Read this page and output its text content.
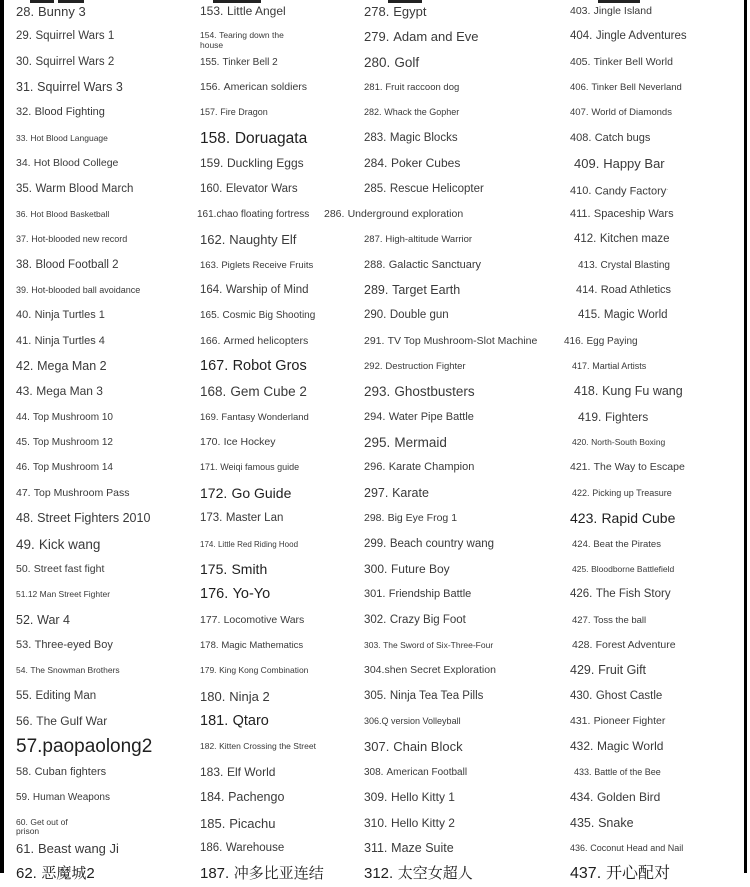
28. Bunny 3
29. Squirrel Wars 1
30. Squirrel Wars 2
31. Squirrel Wars 3
32. Blood Fighting
33. Hot Blood Language
34. Hot Blood College
35. Warm Blood March
36. Hot Blood Basketball
37. Hot-blooded new record
38. Blood Football 2
39. Hot-blooded ball avoidance
40. Ninja Turtles 1
41. Ninja Turtles 4
42. Mega Man 2
43. Mega Man 3
44. Top Mushroom 10
45. Top Mushroom 12
46. Top Mushroom 14
47. Top Mushroom Pass
48. Street Fighters 2010
49. Kick wang
50. Street fast fight
51.12 Man Street Fighter
52. War 4
53. Three-eyed Boy
54. The Snowman Brothers
55. Editing Man
56. The Gulf War
57.paopaolong2
58. Cuban fighters
59. Human Weapons
60. Get out of
prison
61. Beast wang Ji
62. 恶魔城2
153. Little Angel
154. Tearing down the
house
155. Tinker Bell 2
156. American soldiers
157. Fire Dragon
158. Doruagata
159. Duckling Eggs
160. Elevator Wars
161.chao floating fortress
162. Naughty Elf
163. Piglets Receive Fruits
164. Warship of Mind
165. Cosmic Big Shooting
166. Armed helicopters
167. Robot Gros
168. Gem Cube 2
169. Fantasy Wonderland
170. Ice Hockey
171. Weiqi famous guide
172. Go Guide
173. Master Lan
174. Little Red Riding Hood
175. Smith
176. Yo-Yo
177. Locomotive Wars
178. Magic Mathematics
179. King Kong Combination
180. Ninja 2
181. Qtaro
182. Kitten Crossing the Street
183. Elf World
184. Pachengo
185. Picachu
186. Warehouse
187. 冲多比亚连结
278. Egypt
279. Adam and Eve
280. Golf
281. Fruit raccoon dog
282. Whack the Gopher
283. Magic Blocks
284. Poker Cubes
285. Rescue Helicopter
286. Underground exploration
287. High-altitude Warrior
288. Galactic Sanctuary
289. Target Earth
290. Double gun
291. TV Top Mushroom-Slot Machine
292. Destruction Fighter
293. Ghostbusters
294. Water Pipe Battle
295. Mermaid
296. Karate Champion
297. Karate
298. Big Eye Frog 1
299. Beach country wang
300. Future Boy
301. Friendship Battle
302. Crazy Big Foot
303. The Sword of Six-Three-Four
304.shen Secret Exploration
305. Ninja Tea Tea Pills
306.Q version Volleyball
307. Chain Block
308. American Football
309. Hello Kitty 1
310. Hello Kitty 2
311. Maze Suite
312. 太空女超人
403. Jingle Island
404. Jingle Adventures
405. Tinker Bell World
406. Tinker Bell Neverland
407. World of Diamonds
408. Catch bugs
409. Happy Bar
410. Candy Factory.
411. Spaceship Wars
412. Kitchen maze
413. Crystal Blasting
414. Road Athletics
415. Magic World
416. Egg Paying
417. Martial Artists
418. Kung Fu wang
419. Fighters
420. North-South Boxing
421. The Way to Escape
422. Picking up Treasure
423. Rapid Cube
424. Beat the Pirates
425. Bloodborne Battlefield
426. The Fish Story
427. Toss the ball
428. Forest Adventure
429. Fruit Gift
430. Ghost Castle
431. Pioneer Fighter
432. Magic World
433. Battle of the Bee
434. Golden Bird
435. Snake
436. Coconut Head and Nail
437. 开心配对
